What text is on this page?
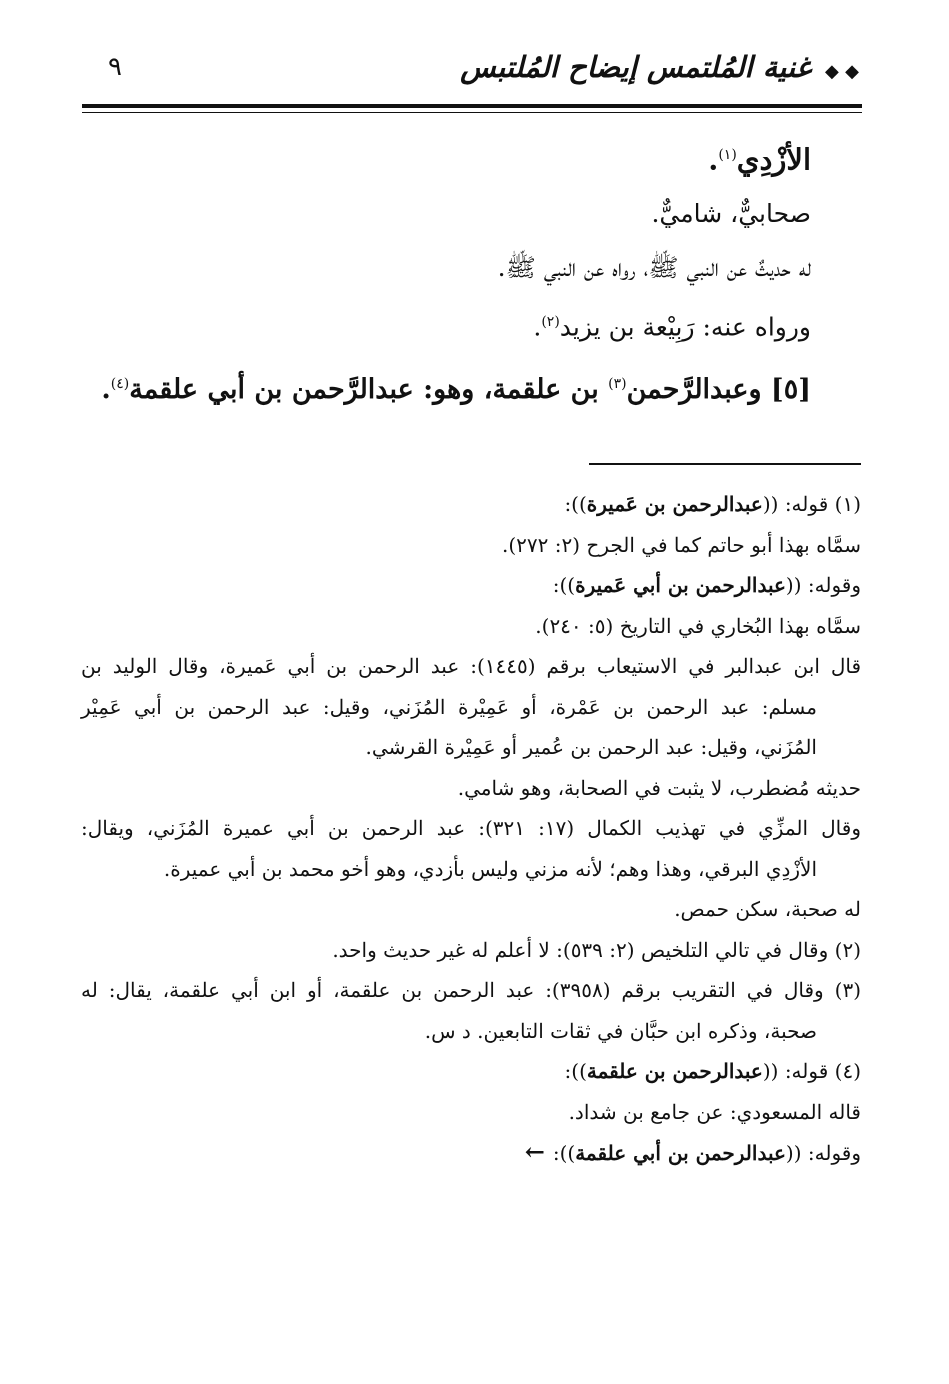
◆ ◆ غنية المُلتمس إيضاح المُلتبس
٩
الأزْدِي$^{(١)}$.
صحابيٌّ، شاميٌّ.
له حديثٌ عن النبي ﷺ، رواه عن النبي ﷺ.
ورواه عنه: رَبِيْعة بن يزيد$^{(٢)}$.
[٥] وعبدالرَّحمن$^{(٣)}$ بن علقمة، وهو: عبدالرَّحمن بن أبي علقمة$^{(٤)}$.
(١) قوله: ((عبدالرحمن بن عَميرة)):
سمَّاه بهذا أبو حاتم كما في الجرح (٢: ٢٧٢).
وقوله: ((عبدالرحمن بن أبي عَميرة)):
سمَّاه بهذا البُخاري في التاريخ (٥: ٢٤٠).
قال ابن عبدالبر في الاستيعاب برقم (١٤٤٥): عبد الرحمن بن أبي عَميرة، وقال الوليد بن
مسلم: عبد الرحمن بن عَمْرة، أو عَمِيْرة المُزَني، وقيل: عبد الرحمن بن أبي عَمِيْر
المُزَني، وقيل: عبد الرحمن بن عُمير أو عَمِيْرة القرشي.
حديثه مُضطرب، لا يثبت في الصحابة، وهو شامي.
وقال المزِّي في تهذيب الكمال (١٧: ٣٢١): عبد الرحمن بن أبي عميرة المُزَني، ويقال:
الأزْدِي البرقي، وهذا وهم؛ لأنه مزني وليس بأزدي، وهو أخو محمد بن أبي عميرة.
له صحبة، سكن حمص.
(٢) وقال في تالي التلخيص (٢: ٥٣٩): لا أعلم له غير حديث واحد.
(٣) وقال في التقريب برقم (٣٩٥٨): عبد الرحمن بن علقمة، أو ابن أبي علقمة، يقال: له
صحبة، وذكره ابن حبَّان في ثقات التابعين. د س.
(٤) قوله: ((عبدالرحمن بن علقمة)):
قاله المسعودي: عن جامع بن شداد.
وقوله: ((عبدالرحمن بن أبي علقمة)):←
